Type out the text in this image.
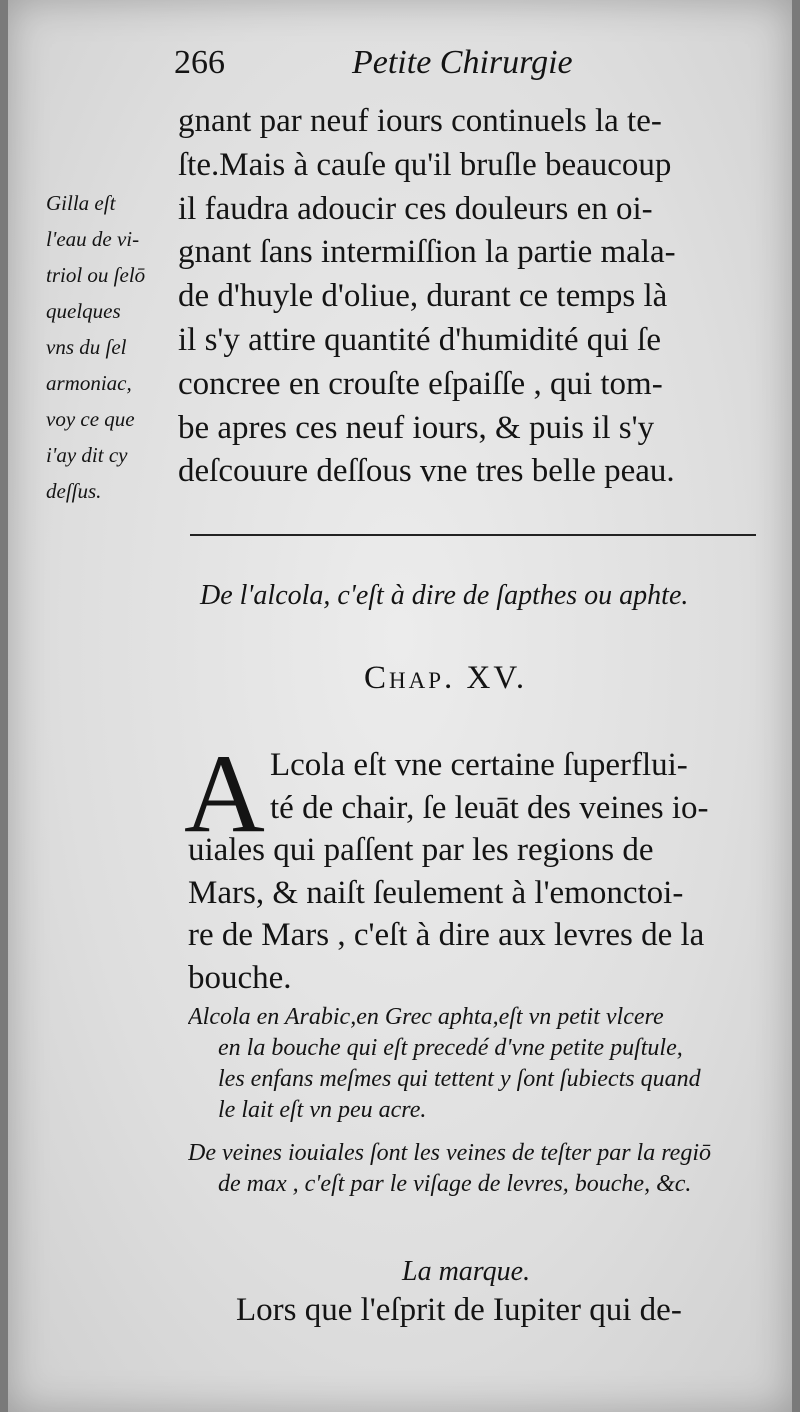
266	Petite Chirurgie
gnant par neuf iours continuels la te-
ſte.Mais à cauſe qu'il bruſle beaucoup
il faudra adoucir ces douleurs en oi-
gnant ſans intermiſſion la partie mala-
de d'huyle d'oliue, durant ce temps là
il s'y attire quantité d'humidité qui ſe
concree en crouſte eſpaiſſe , qui tom-
be apres ces neuf iours, & puis il s'y
deſcouure deſſous vne tres belle peau.
Gilla eſt
l'eau de vi-
triol ou ſelō
quelques
vns du ſel
armoniac,
voy ce que
i'ay dit cy
deſſus.
De l'alcola, c'eſt à dire de ſapthes ou aphte.
Chap. XV.
A Lcola eſt vne certaine ſuperflui-
té de chair, ſe leuāt des veines io-
uiales qui paſſent par les regions de
Mars, & naiſt ſeulement à l'emonctoi-
re de Mars , c'eſt à dire aux levres de la
bouche.
Alcola en Arabic,en Grec aphta,eſt vn petit vlcere
en la bouche qui eſt precedé d'vne petite puſtule,
les enfans meſmes qui tettent y ſont ſubiects quand
le lait eſt vn peu acre.
De veines iouiales ſont les veines de teſter par la regiō
de max , c'eſt par le viſage de levres, bouche, &c.
La marque.
Lors que l'eſprit de Iupiter qui de-
